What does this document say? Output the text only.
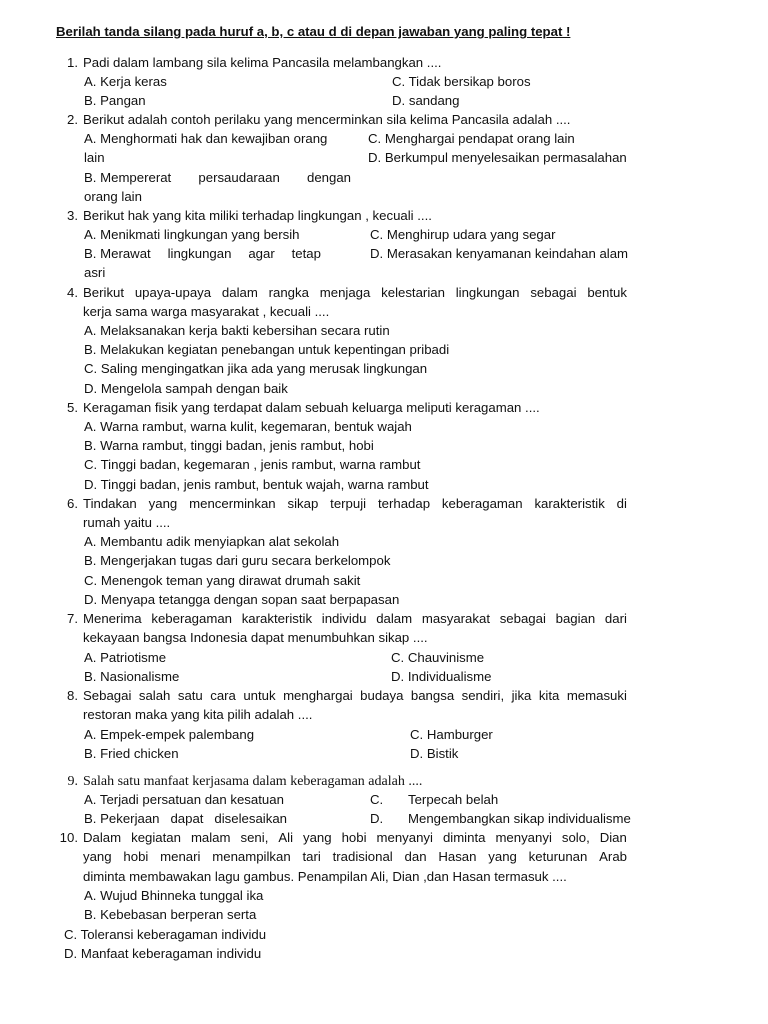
Berilah tanda silang pada huruf a, b, c atau d di depan jawaban yang paling tepat !
1. Padi dalam lambang sila kelima Pancasila melambangkan ....
A. Kerja keras	C. Tidak bersikap boros
B. Pangan	D. sandang
2. Berikut adalah contoh perilaku yang mencerminkan sila kelima Pancasila adalah ....
A. Menghormati hak dan kewajiban orang	C. Menghargai pendapat orang lain
lain	D. Berkumpul menyelesaikan permasalahan
B. Mempererat persaudaraan dengan
orang lain
3. Berikut hak yang kita miliki terhadap lingkungan , kecuali ....
A. Menikmati lingkungan yang bersih	C. Menghirup udara yang segar
B. Merawat lingkungan agar tetap	D. Merasakan kenyamanan keindahan alam
asri
4. Berikut upaya-upaya dalam rangka menjaga kelestarian lingkungan sebagai bentuk
kerja sama warga masyarakat , kecuali ....
A. Melaksanakan kerja bakti kebersihan secara rutin
B. Melakukan kegiatan penebangan untuk kepentingan pribadi
C. Saling mengingatkan jika ada yang merusak lingkungan
D. Mengelola sampah dengan baik
5. Keragaman fisik yang terdapat dalam sebuah keluarga meliputi keragaman ....
A. Warna rambut, warna kulit, kegemaran, bentuk wajah
B. Warna rambut, tinggi badan, jenis rambut, hobi
C. Tinggi badan, kegemaran , jenis rambut, warna rambut
D. Tinggi badan, jenis rambut, bentuk wajah, warna rambut
6. Tindakan yang mencerminkan sikap terpuji terhadap keberagaman karakteristik di
rumah yaitu ....
A. Membantu adik menyiapkan alat sekolah
B. Mengerjakan tugas dari guru secara berkelompok
C. Menengok teman yang dirawat drumah sakit
D. Menyapa tetangga dengan sopan saat berpapasan
7. Menerima keberagaman karakteristik individu dalam masyarakat sebagai bagian dari
kekayaan bangsa Indonesia dapat menumbuhkan sikap ....
A. Patriotisme	C. Chauvinisme
B. Nasionalisme	D. Individualisme
8. Sebagai salah satu cara untuk menghargai budaya bangsa sendiri, jika kita memasuki
restoran maka yang kita pilih adalah ....
A. Empek-empek palembang	C. Hamburger
B. Fried chicken	D. Bistik
9. Salah satu manfaat kerjasama dalam keberagaman adalah ....
A. Terjadi persatuan dan kesatuan	C. Terpecah belah
B. Pekerjaan dapat diselesaikan	D. Mengembangkan sikap individualisme
10. Dalam kegiatan malam seni, Ali yang hobi menyanyi diminta menyanyi solo, Dian
yang hobi menari menampilkan tari tradisional dan Hasan yang keturunan Arab
diminta membawakan lagu gambus. Penampilan Ali, Dian ,dan Hasan termasuk ....
A. Wujud Bhinneka tunggal ika
B. Kebebasan berperan serta
C. Toleransi keberagaman individu
D. Manfaat keberagaman individu
